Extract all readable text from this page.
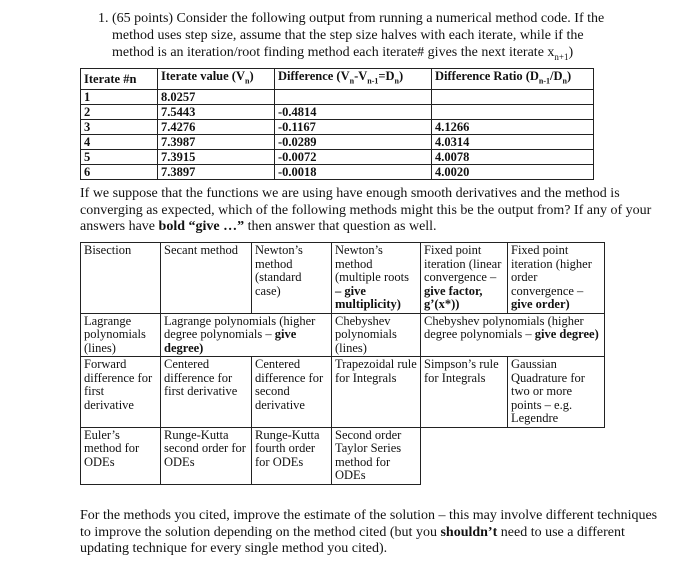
1. (65 points) Consider the following output from running a numerical method code. If the
method uses step size, assume that the step size halves with each iterate, while if the
method is an iteration/root finding method each iterate# gives the next iterate $x_{n+1}$)
Iterate #n	Iterate value $(V_n)$	Difference $(V_n-V_{n-1}=D_n)$	Difference Ratio $(D_{n-1}/D_n)$
1	8.0257		
2	7.5443	-0.4814	
3	7.4276	-0.1167	4.1266
4	7.3987	-0.0289	4.0314
5	7.3915	-0.0072	4.0078
6	7.3897	-0.0018	4.0020
If we suppose that the functions we are using have enough smooth derivatives and the method is converging as expected, which of the following methods might this be the output from? If any of your answers have bold “give …” then answer that question as well.
Bisection	Secant method	Newton’s method (standard case)	Newton’s method (multiple roots – give multiplicity)	Fixed point iteration (linear convergence – give factor, g’(x*))	Fixed point iteration (higher order convergence – give order)
Lagrange polynomials (lines)	Lagrange polynomials (higher degree polynomials – give degree)		Chebyshev polynomials (lines)	Chebyshev polynomials (higher degree polynomials – give degree)	
Forward difference for first derivative	Centered difference for first derivative	Centered difference for second derivative	Trapezoidal rule for Integrals	Simpson’s rule for Integrals	Gaussian Quadrature for two or more points – e.g. Legendre
Euler’s method for ODEs	Runge-Kutta second order for ODEs	Runge-Kutta fourth order for ODEs	Second order Taylor Series method for ODEs		
For the methods you cited, improve the estimate of the solution – this may involve different techniques to improve the solution depending on the method cited (but you shouldn’t need to use a different updating technique for every single method you cited).
